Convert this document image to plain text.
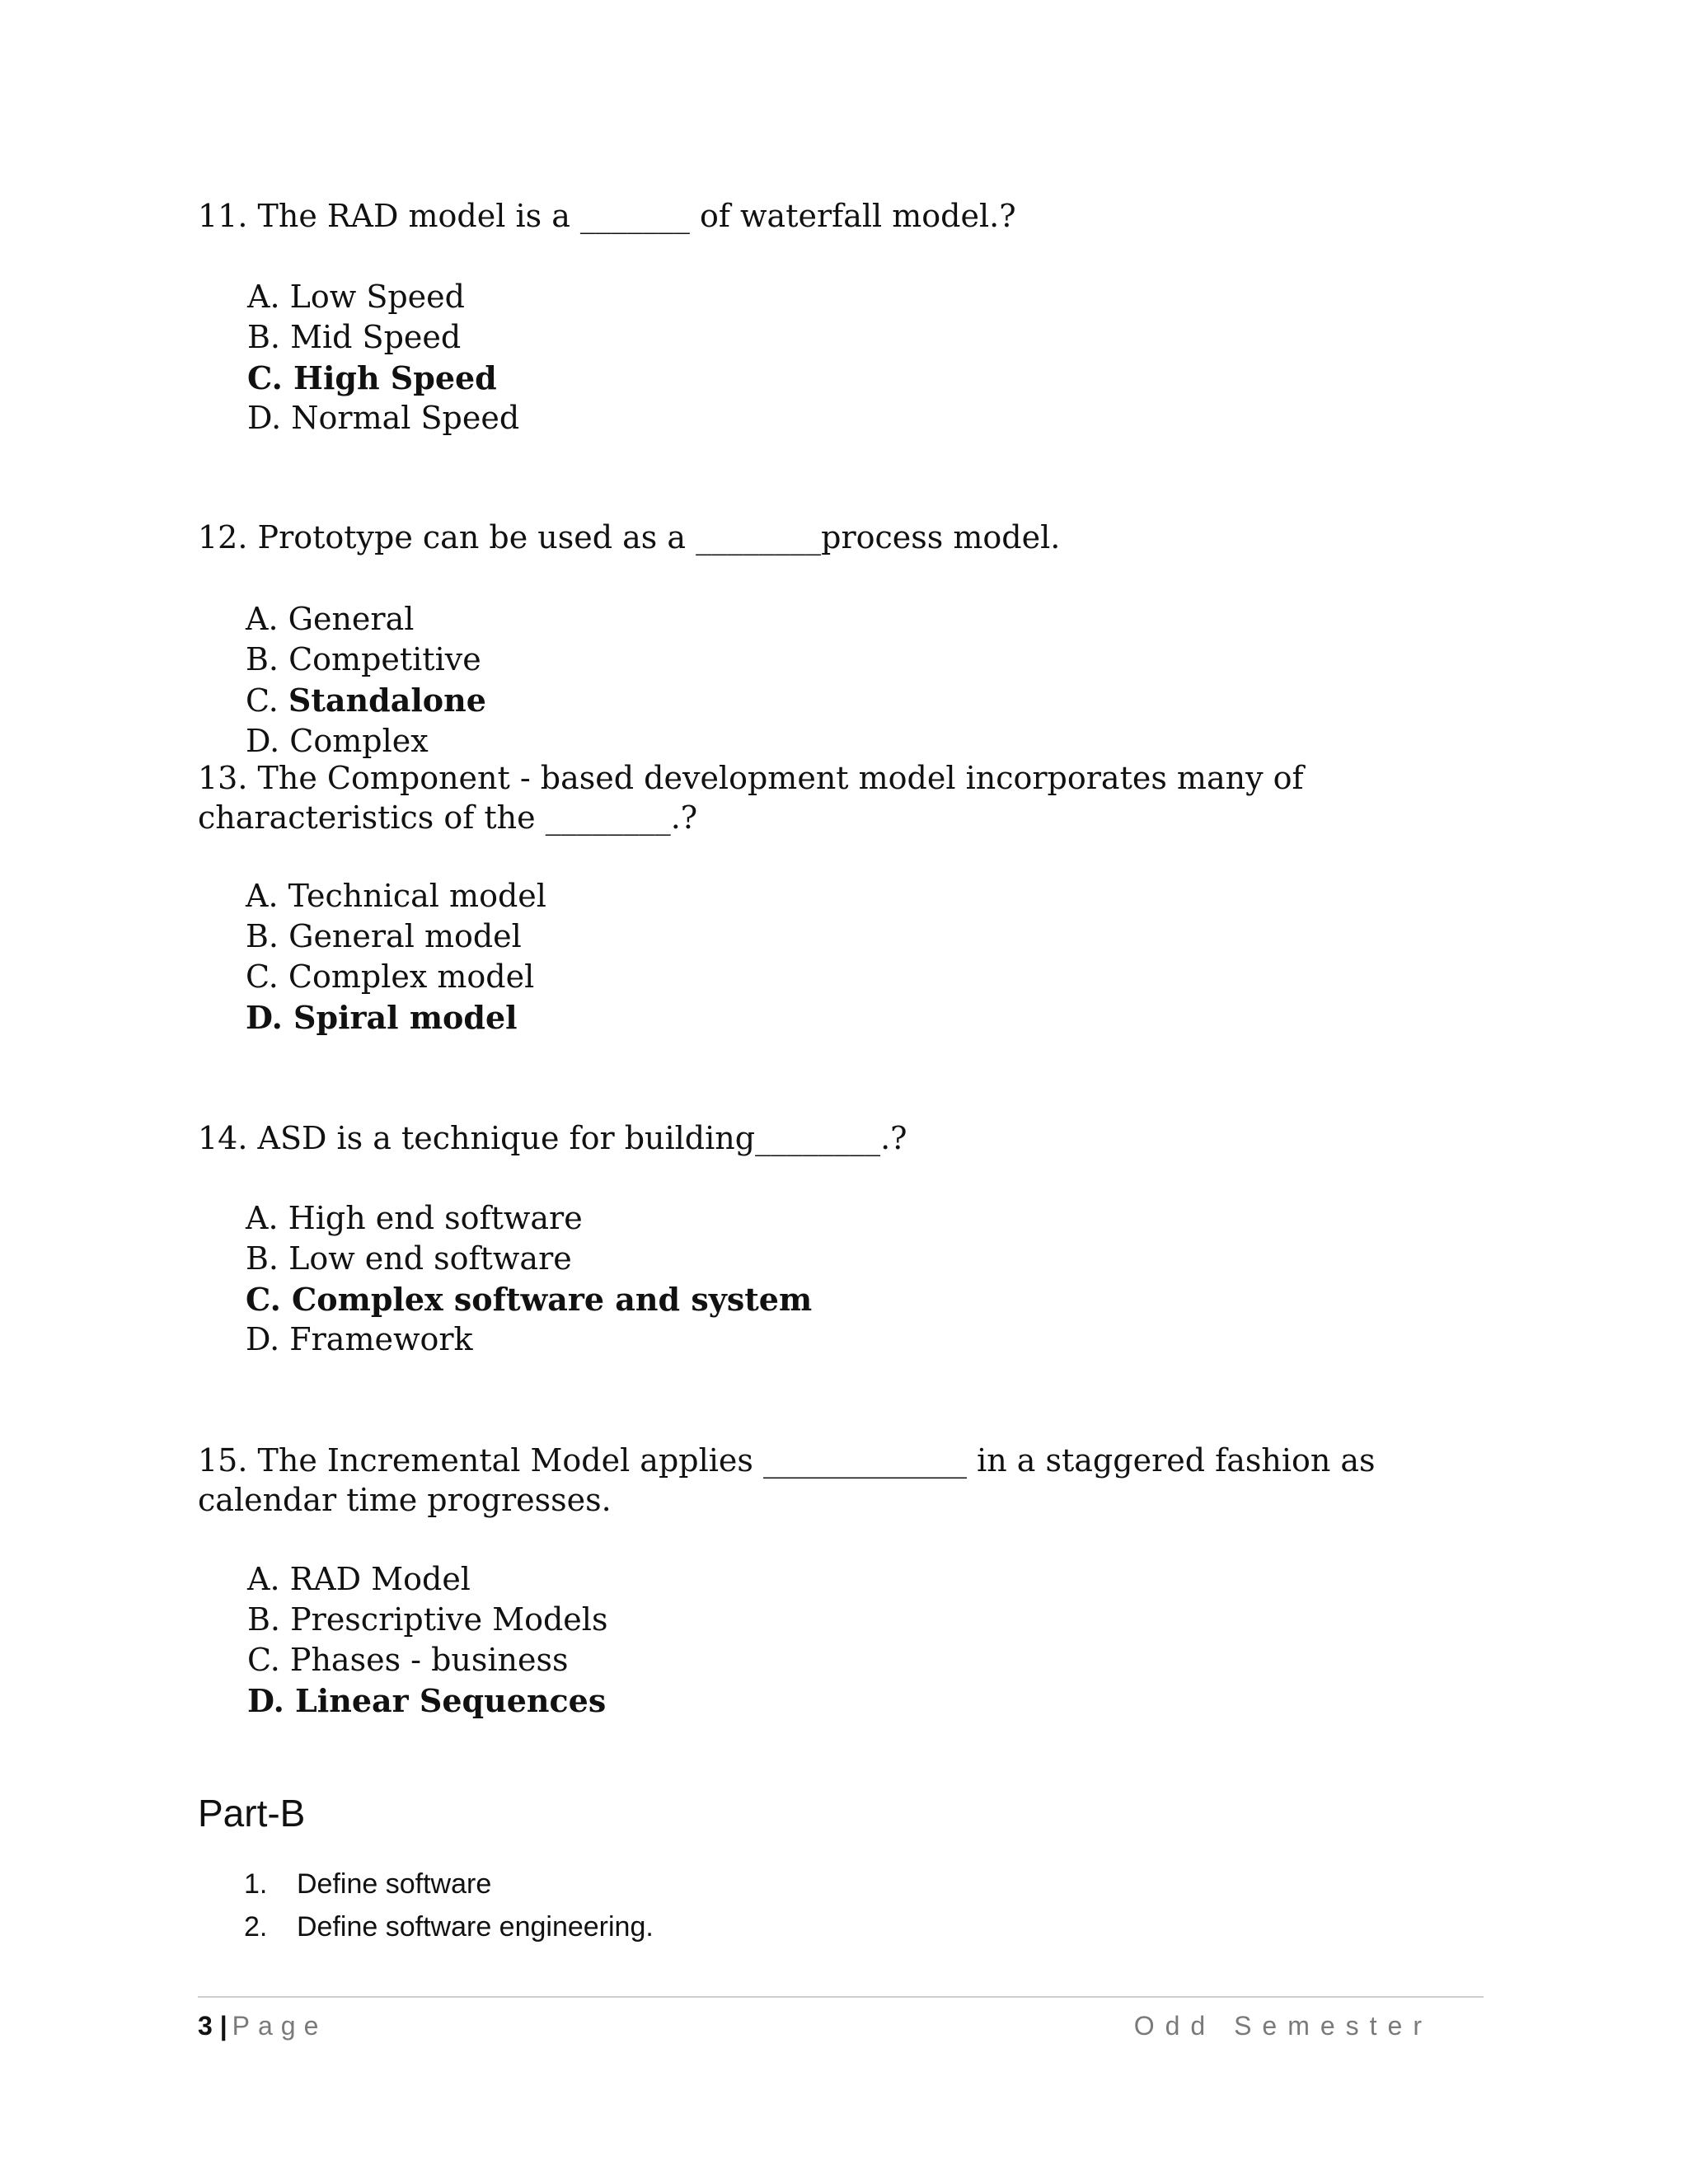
11. The RAD model is a _______ of waterfall model.?
A. Low Speed
B. Mid Speed
C. High Speed
D. Normal Speed
12. Prototype can be used as a ________process model.
A. General
B. Competitive
C. Standalone
D. Complex
13. The Component - based development model incorporates many of characteristics of the ________.?
A. Technical model
B. General model
C. Complex model
D. Spiral model
14. ASD is a technique for building________.?
A. High end software
B. Low end software
C. Complex software and system
D. Framework
15. The Incremental Model applies _____________ in a staggered fashion as calendar time progresses.
A. RAD Model
B. Prescriptive Models
C. Phases - business
D. Linear Sequences
Part-B
1. Define software
2. Define software engineering.
3 | Page	Odd Semester
